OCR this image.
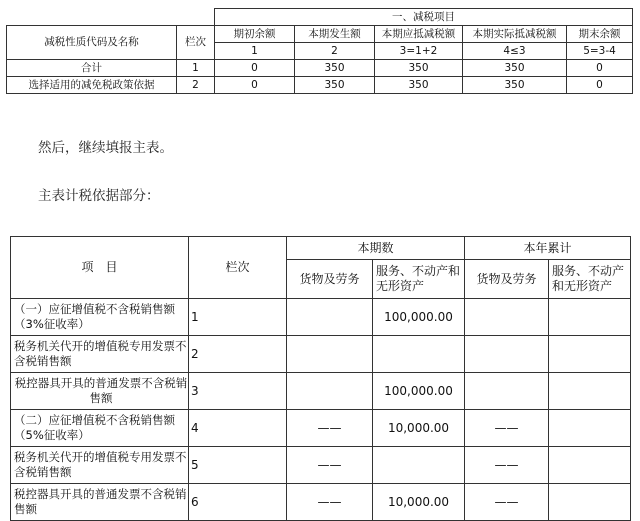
		一、减税项目				
减税性质代码及名称	栏次	期初余额	本期发生额	本期应抵减税额	本期实际抵减税额	期末余额
		1	2	3=1+2	4≤3	5=3-4
合计	1	0	350	350	350	0
选择适用的减免税政策依据	2	0	350	350	350	0
然后，继续填报主表。
主表计税依据部分：
项　目	栏次	本期数		本年累计	
		货物及劳务	服务、不动产和无形资产	货物及劳务	服务、不动产和无形资产
（一）应征增值税不含税销售额（3%征收率）	1		100,000.00		
税务机关代开的增值税专用发票不含税销售额	2				
税控器具开具的普通发票不含税销售额	3		100,000.00		
（二）应征增值税不含税销售额（5%征收率）	4	——	10,000.00	——	
税务机关代开的增值税专用发票不含税销售额	5	——		——	
税控器具开具的普通发票不含税销售额	6	——	10,000.00	——	
